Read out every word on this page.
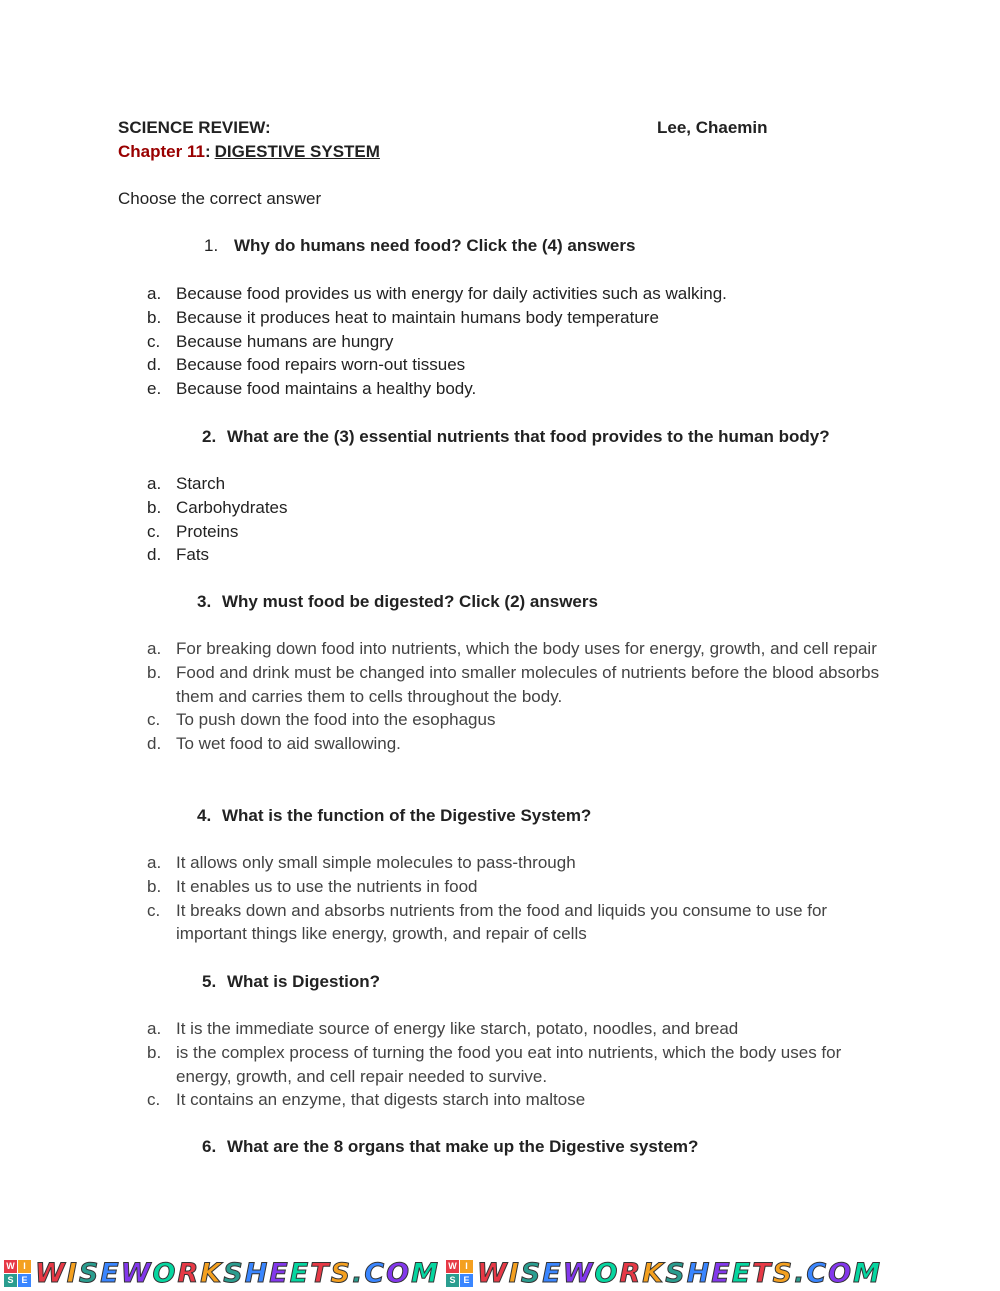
SCIENCE REVIEW:	Lee, Chaemin
Chapter 11: DIGESTIVE SYSTEM
Choose the correct answer
1. Why do humans need food? Click the (4) answers
a. Because food provides us with energy for daily activities such as walking.
b. Because it produces heat to maintain humans body temperature
c. Because humans are hungry
d. Because food repairs worn-out tissues
e. Because food maintains a healthy body.
2. What are the (3) essential nutrients that food provides to the human body?
a. Starch
b. Carbohydrates
c. Proteins
d. Fats
3. Why must food be digested? Click (2) answers
a. For breaking down food into nutrients, which the body uses for energy, growth, and cell repair
b. Food and drink must be changed into smaller molecules of nutrients before the blood absorbs them and carries them to cells throughout the body.
c. To push down the food into the esophagus
d. To wet food to aid swallowing.
4. What is the function of the Digestive System?
a. It allows only small simple molecules to pass-through
b. It enables us to use the nutrients in food
c. It breaks down and absorbs nutrients from the food and liquids you consume to use for important things like energy, growth, and repair of cells
5. What is Digestion?
a. It is the immediate source of energy like starch, potato, noodles, and bread
b. is the complex process of turning the food you eat into nutrients, which the body uses for energy, growth, and cell repair needed to survive.
c. It contains an enzyme, that digests starch into maltose
6. What are the 8 organs that make up the Digestive system?
W I
S E WISEWORKSHEETS.COM W I
S E WISEWORKSHEETS.COM
